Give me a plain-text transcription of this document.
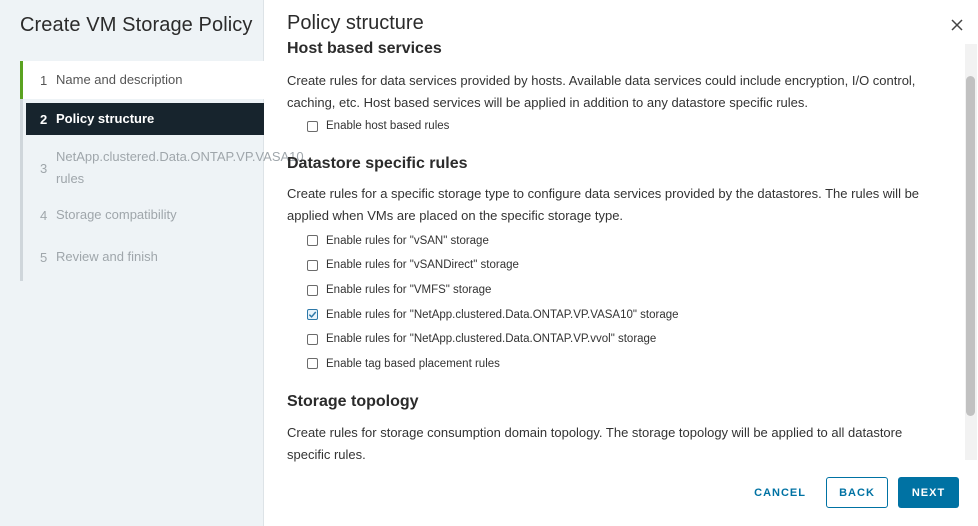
Create VM Storage Policy
1 Name and description
2 Policy structure
3
NetApp.clustered.Data.ONTAP.VP.VASA10 rules
4 Storage compatibility
5 Review and finish
Policy structure
Host based services

Create rules for data services provided by hosts. Available data services could include encryption, I/O control, caching, etc. Host based services will be applied in addition to any datastore specific rules.

Enable host based rules
Datastore specific rules

Create rules for a specific storage type to configure data services provided by the datastores. The rules will be applied when VMs are placed on the specific storage type.

Enable rules for "vSAN" storage
Enable rules for "vSANDirect" storage
Enable rules for "VMFS" storage
Enable rules for "NetApp.clustered.Data.ONTAP.VP.VASA10" storage
Enable rules for "NetApp.clustered.Data.ONTAP.VP.vvol" storage
Enable tag based placement rules
Storage topology

Create rules for storage consumption domain topology. The storage topology will be applied to all datastore specific rules.

CANCEL	BACK	NEXT
